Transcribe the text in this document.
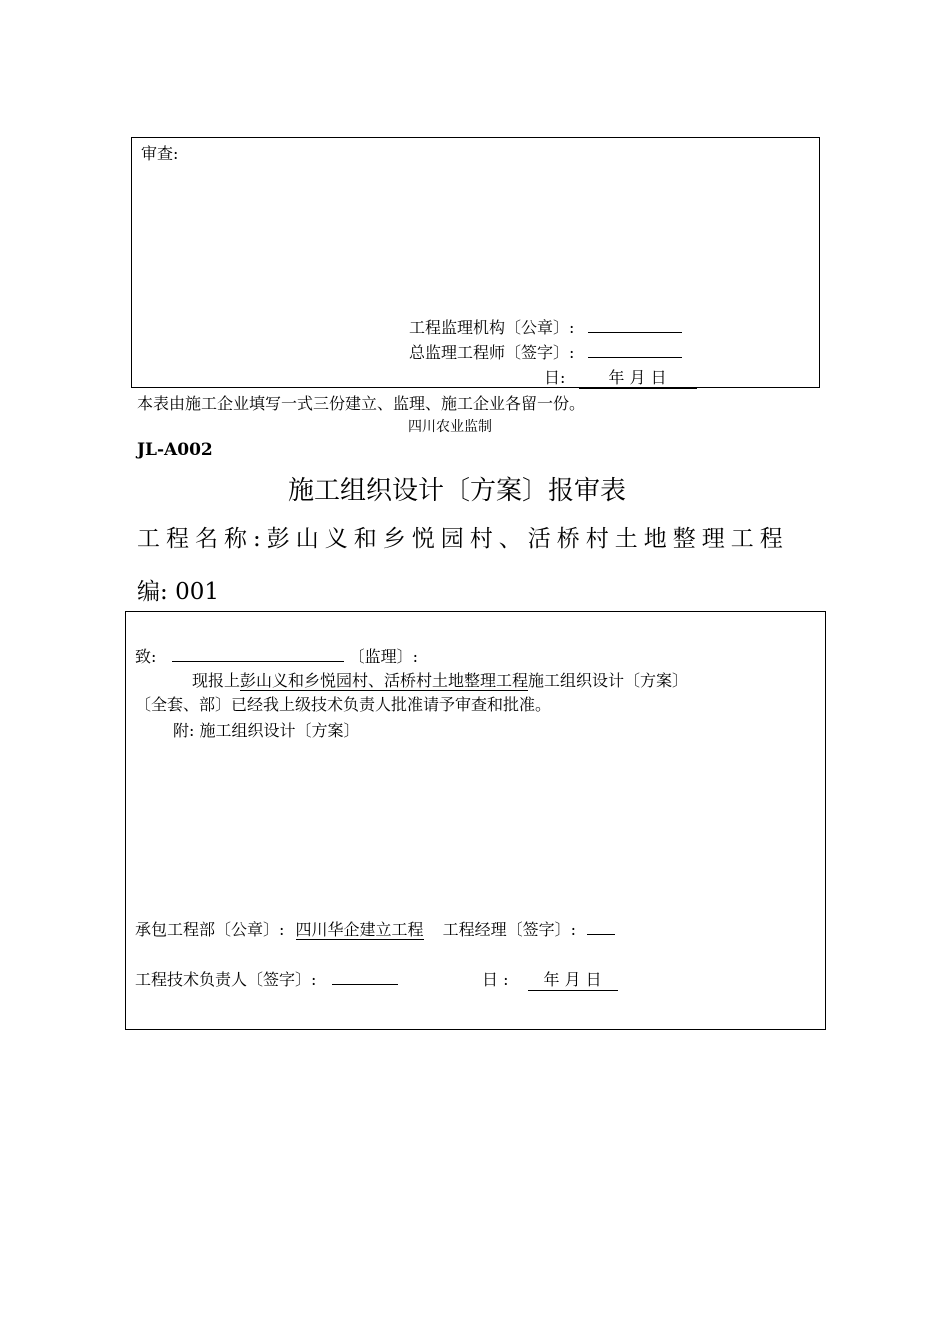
审查:
工程监理机构〔公章〕:
总监理工程师〔签字〕:
日:	年 月 日
本表由施工企业填写一式三份建立、监理、施工企业各留一份。
四川农业监制
JL-A002
施工组织设计〔方案〕报审表
工程名称:彭山义和乡悦园村、活桥村土地整理工程
编: 001
致:	〔监理〕:
现报上彭山义和乡悦园村、活桥村土地整理工程施工组织设计〔方案〕
〔全套、部〕已经我上级技术负责人批准请予审查和批准。
附: 施工组织设计〔方案〕
承包工程部〔公章〕: 四川华企建立工程 工程经理〔签字〕:
工程技术负责人〔签字〕:	日 : 年 月 日
